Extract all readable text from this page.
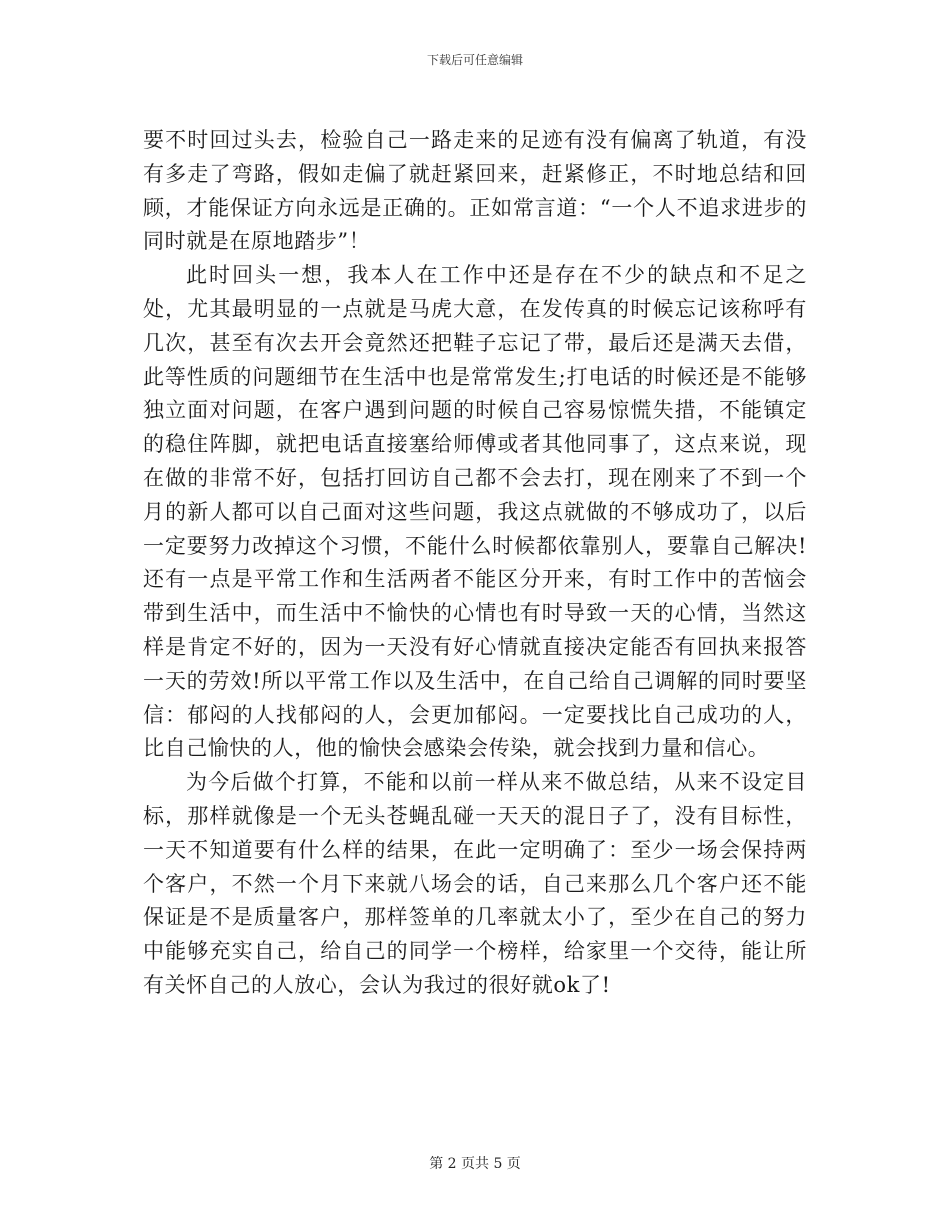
下载后可任意编辑

要不时回过头去，检验自己一路走来的足迹有没有偏离了轨道，有没有多走了弯路，假如走偏了就赶紧回来，赶紧修正，不时地总结和回顾，才能保证方向永远是正确的。正如常言道：“一个人不追求进步的同时就是在原地踏步”！

此时回头一想，我本人在工作中还是存在不少的缺点和不足之处，尤其最明显的一点就是马虎大意，在发传真的时候忘记该称呼有几次，甚至有次去开会竟然还把鞋子忘记了带，最后还是满天去借，此等性质的问题细节在生活中也是常常发生;打电话的时候还是不能够独立面对问题，在客户遇到问题的时候自己容易惊慌失措，不能镇定的稳住阵脚，就把电话直接塞给师傅或者其他同事了，这点来说，现在做的非常不好，包括打回访自己都不会去打，现在刚来了不到一个月的新人都可以自己面对这些问题，我这点就做的不够成功了，以后一定要努力改掉这个习惯，不能什么时候都依靠别人，要靠自己解决!还有一点是平常工作和生活两者不能区分开来，有时工作中的苦恼会带到生活中，而生活中不愉快的心情也有时导致一天的心情，当然这样是肯定不好的，因为一天没有好心情就直接决定能否有回执来报答一天的劳效!所以平常工作以及生活中，在自己给自己调解的同时要坚信：郁闷的人找郁闷的人，会更加郁闷。一定要找比自己成功的人，比自己愉快的人，他的愉快会感染会传染，就会找到力量和信心。

为今后做个打算，不能和以前一样从来不做总结，从来不设定目标，那样就像是一个无头苍蝇乱碰一天天的混日子了，没有目标性，一天不知道要有什么样的结果，在此一定明确了：至少一场会保持两个客户，不然一个月下来就八场会的话，自己来那么几个客户还不能保证是不是质量客户，那样签单的几率就太小了，至少在自己的努力中能够充实自己，给自己的同学一个榜样，给家里一个交待，能让所有关怀自己的人放心，会认为我过的很好就ok了!

第 2 页共 5 页
